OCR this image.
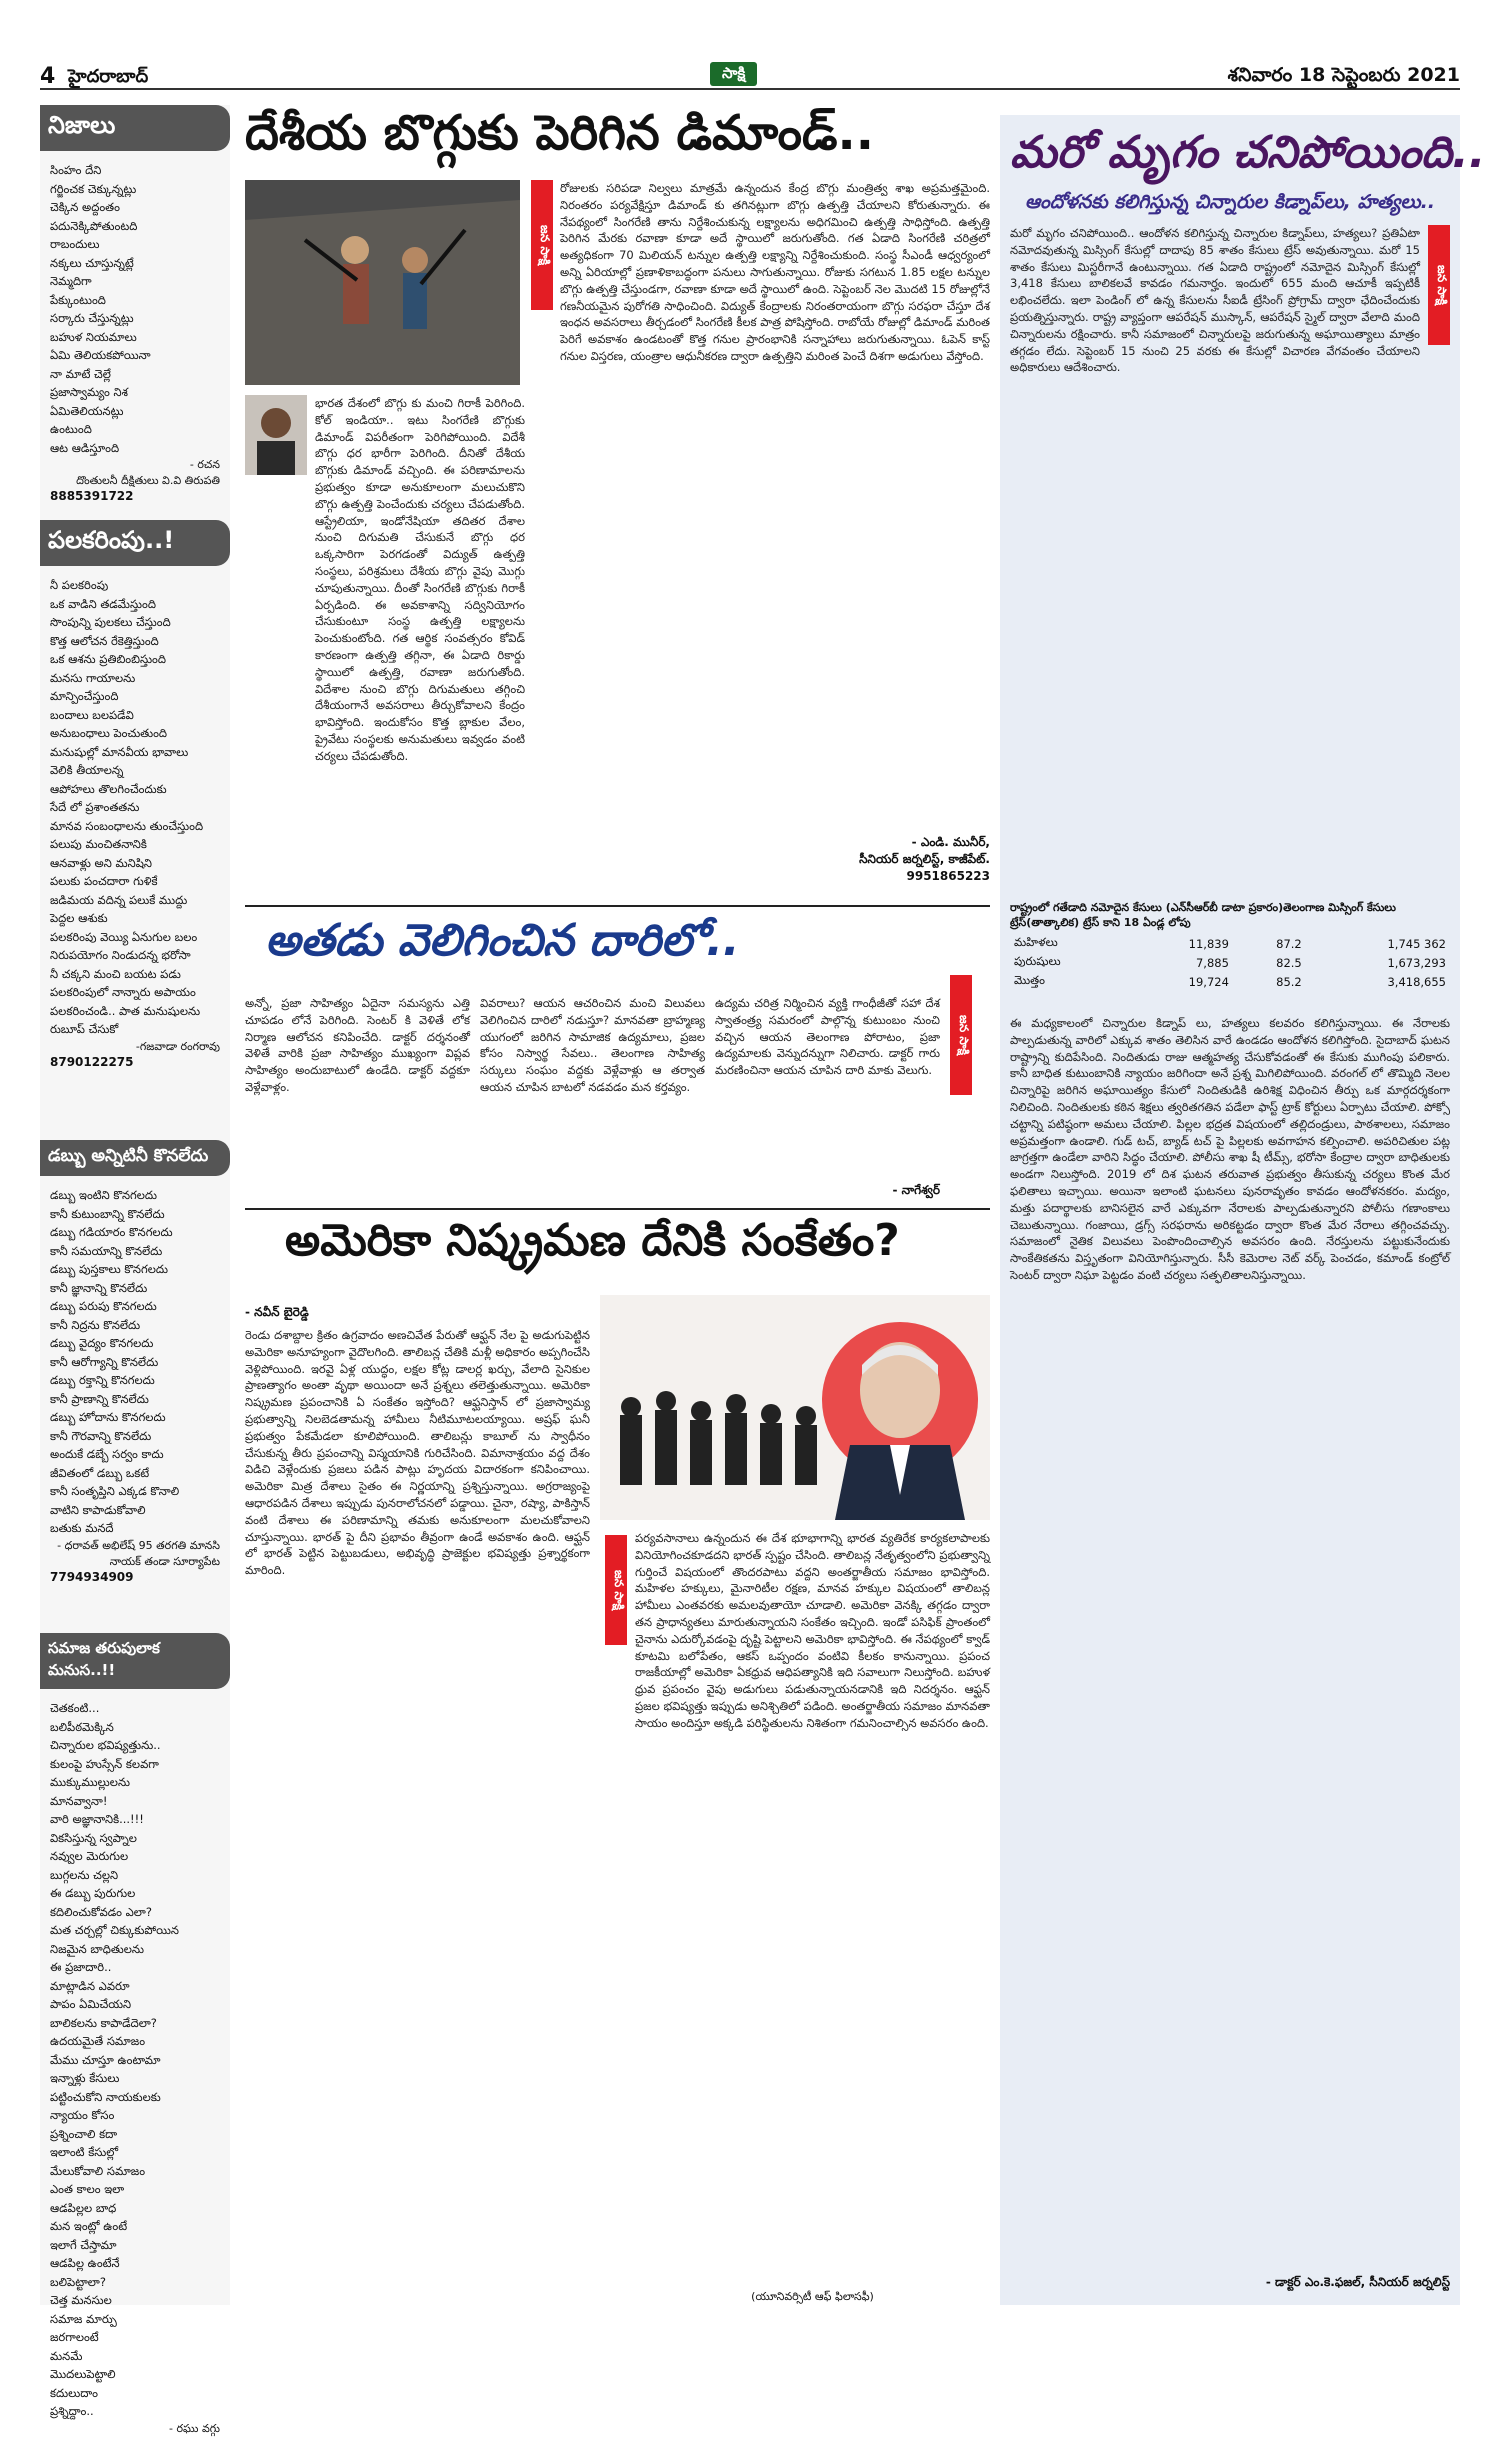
4 హైదరాబాద్	సాక్షి	శనివారం 18 సెప్టెంబరు 2021
నిజాలు
సింహం దేని
గర్జించక చెక్కున్నట్లు
చెక్కిన అద్దంతం
పదునెక్కిపోతుంటది
రాబందులు
నక్కలు చూస్తున్నట్లే
నెమ్మదిగా
పేక్కుంటుంది
సర్కారు చేస్తున్నట్లు
బహుళ నియమాలు
ఏమి తెలియకపోయినా
నా మాటే చెల్లే
ప్రజాస్వామ్యం నిశ
ఏమితెలియనట్లు
ఉంటుంది
ఆట ఆడిస్తూంది
- రచన
దొంతులనీ దీక్షితులు వి.వి తిరుపతి
8885391722
పలకరింపు..!
నీ పలకరింపు
ఒక వాడిని తడమేస్తుంది
సొంపున్ని పులకలు చేస్తుంది
కొత్త ఆలోచన రేకెత్తిస్తుంది
ఒక ఆశను ప్రతిబింబిస్తుంది
మనసు గాయాలను
మాన్పించేస్తుంది
బందాలు బలపడేవి
అనుబంధాలు పెంచుతుంది
మనుషుల్లో మానవీయ భావాలు
వెలికి తీయాలన్న
ఆపోహలు తొలగించేందుకు
సేదే లో ప్రశాంతతను
మానవ సంబంధాలను తుంచేస్తుంది
పలుపు మంచితనానికి
ఆనవాళ్లు అని మనిషిని
పలుకు పంచదారా గుళికే
జడిమయ వదిన్న పలుకే ముద్దు
పెద్దల ఆశుకు
పలకరింపు వెయ్యి ఏనుగుల బలం
నిరుపయోగం నిండుదన్న భరోసా
నీ చక్కని మంచి బయట పడు
పలకరింపులో నాన్నారు అపాయం
పలకరించండి.. పాత మనుషులను
రుబూప్ చేసుకో
-గజవాడా రంగరావు
8790122275
డబ్బు అన్నిటినీ కొనలేదు
డబ్బు ఇంటిని కొనగలదు
కానీ కుటుంబాన్ని కొనలేదు
డబ్బు గడియారం కొనగలదు
కానీ సమయాన్ని కొనలేదు
డబ్బు పుస్తకాలు కొనగలదు
కానీ జ్ఞానాన్ని కొనలేదు
డబ్బు పరుపు కొనగలదు
కానీ నిద్రను కొనలేదు
డబ్బు వైద్యం కొనగలదు
కానీ ఆరోగ్యాన్ని కొనలేదు
డబ్బు రక్తాన్ని కొనగలదు
కానీ ప్రాణాన్ని కొనలేదు
డబ్బు హోదాను కొనగలదు
కానీ గౌరవాన్ని కొనలేదు
అందుకే డబ్బే సర్వం కాదు
జీవితంలో డబ్బు ఒకటే
కానీ సంతృప్తిని ఎక్కడ కొనాలి
వాటిని కాపాడుకోవాలి
బతుకు మనదే
- ధరావత్ అభిలేష్ 95 తరగతి మానసి నాయక్ తండా సూర్యాపేట
7794934909
సమాజ తరుపులాక మనుస..!!
చెతకంటి...
బలిపీఠమెక్కిన
చిన్నారుల భవిష్యత్తును..
కులంపై హుస్సేన్ కలవగా
ముక్కుముల్లులను
మానవ్వానా!
వారి అజ్ఞానానికి...!!!
వికసిస్తున్న స్వప్నాల
నవ్వుల మెరుగుల
బుగ్గలను చల్లని
ఈ డబ్బు పురుగుల
కదిలించుకోవడం ఎలా?
మత చర్చల్లో చిక్కుకుపోయిన
నిజమైన బాధితులను
ఈ ప్రజాదారి..
మాట్లాడిన ఎవరూ
పాపం ఏమిచేయని
బాలికలను కాపాడేదెలా?
ఉదయమైతే సమాజం
మేము చూస్తూ ఉంటామా
ఇన్నాళ్లు కేసులు
పట్టించుకోని నాయకులకు
న్యాయం కోసం
ప్రశ్నించాలి కదా
ఇలాంటి కేసుల్లో
మేలుకోవాలి సమాజం
ఎంత కాలం ఇలా
ఆడపిల్లల బాధ
మన ఇంట్లో ఉంటే
ఇలాగే చేస్తామా
ఆడపిల్ల ఉంటేనే
బలిపెట్టాలా?
చెత్త మనసుల
సమాజ మార్పు
జరగాలంటే
మనమే
మొదలుపెట్టాలి
కదులుదాం
ప్రశ్నిద్దాం..
- రఘు వగ్గు
దేశీయ బొగ్గుకు పెరిగిన డిమాండ్..
భారత దేశంలో బొగ్గు కు మంచి గిరాకీ పెరిగింది. కోల్ ఇండియా.. ఇటు సింగరేణి బొగ్గుకు డిమాండ్ విపరీతంగా పెరిగిపోయింది. విదేశీ బొగ్గు ధర భారీగా పెరిగింది. దీనితో దేశీయ బొగ్గుకు డిమాండ్ వచ్చింది. ఈ పరిణామాలను ప్రభుత్వం కూడా అనుకూలంగా మలుచుకొని బొగ్గు ఉత్పత్తి పెంచేందుకు చర్యలు చేపడుతోంది. ఆస్ట్రేలియా, ఇండోనేషియా తదితర దేశాల నుంచి దిగుమతి చేసుకునే బొగ్గు ధర ఒక్కసారిగా పెరగడంతో విద్యుత్ ఉత్పత్తి సంస్థలు, పరిశ్రమలు దేశీయ బొగ్గు వైపు మొగ్గు చూపుతున్నాయి. దీంతో సింగరేణి బొగ్గుకు గిరాకీ ఏర్పడింది. ఈ అవకాశాన్ని సద్వినియోగం చేసుకుంటూ సంస్థ ఉత్పత్తి లక్ష్యాలను పెంచుకుంటోంది. గత ఆర్థిక సంవత్సరం కోవిడ్ కారణంగా ఉత్పత్తి తగ్గినా, ఈ ఏడాది రికార్డు స్థాయిలో ఉత్పత్తి, రవాణా జరుగుతోంది. విదేశాల నుంచి బొగ్గు దిగుమతులు తగ్గించి దేశీయంగానే అవసరాలు తీర్చుకోవాలని కేంద్రం భావిస్తోంది. ఇందుకోసం కొత్త బ్లాకుల వేలం, ప్రైవేటు సంస్థలకు అనుమతులు ఇవ్వడం వంటి చర్యలు చేపడుతోంది.
జన సాక్షి
రోజులకు సరిపడా నిల్వలు మాత్రమే ఉన్నందున కేంద్ర బొగ్గు మంత్రిత్వ శాఖ అప్రమత్తమైంది. నిరంతరం పర్యవేక్షిస్తూ డిమాండ్ కు తగినట్లుగా బొగ్గు ఉత్పత్తి చేయాలని కోరుతున్నారు. ఈ నేపథ్యంలో సింగరేణి తాను నిర్దేశించుకున్న లక్ష్యాలను అధిగమించి ఉత్పత్తి సాధిస్తోంది. ఉత్పత్తి పెరిగిన మేరకు రవాణా కూడా అదే స్థాయిలో జరుగుతోంది. గత ఏడాది సింగరేణి చరిత్రలో అత్యధికంగా 70 మిలియన్ టన్నుల ఉత్పత్తి లక్ష్యాన్ని నిర్దేశించుకుంది. సంస్థ సీఎండీ ఆధ్వర్యంలో అన్ని ఏరియాల్లో ప్రణాళికాబద్ధంగా పనులు సాగుతున్నాయి. రోజుకు సగటున 1.85 లక్షల టన్నుల బొగ్గు ఉత్పత్తి చేస్తుండగా, రవాణా కూడా అదే స్థాయిలో ఉంది. సెప్టెంబర్ నెల మొదటి 15 రోజుల్లోనే గణనీయమైన పురోగతి సాధించింది. విద్యుత్ కేంద్రాలకు నిరంతరాయంగా బొగ్గు సరఫరా చేస్తూ దేశ ఇంధన అవసరాలు తీర్చడంలో సింగరేణి కీలక పాత్ర పోషిస్తోంది. రాబోయే రోజుల్లో డిమాండ్ మరింత పెరిగే అవకాశం ఉండటంతో కొత్త గనుల ప్రారంభానికి సన్నాహాలు జరుగుతున్నాయి. ఓపెన్ కాస్ట్ గనుల విస్తరణ, యంత్రాల ఆధునీకరణ ద్వారా ఉత్పత్తిని మరింత పెంచే దిశగా అడుగులు వేస్తోంది.
- ఎండి. మునీర్,
సీనియర్ జర్నలిస్ట్, కాజీపేట్.
9951865223
అతడు వెలిగించిన దారిలో..
అన్నో, ప్రజా సాహిత్యం ఏదైనా సమస్యను ఎత్తి చూపడం లోనే పెరిగింది. సెంటర్ కి వెళితే లోక నిర్మాణ ఆలోచన కనిపించేది. డాక్టర్ దర్శనంతో వెళితే వారికి ప్రజా సాహిత్యం ముఖ్యంగా విప్లవ సాహిత్యం అందుబాటులో ఉండేది. డాక్టర్ వద్దకూ వెళ్లేవాళ్లం.
వివరాలు? ఆయన ఆచరించిన మంచి విలువలు వెలిగించిన దారిలో నడుస్తూ? మానవతా బ్రాహ్మణ్య యుగంలో జరిగిన సామాజిక ఉద్యమాలు, ప్రజల కోసం నిస్వార్థ సేవలు.. తెలంగాణ సాహిత్య సర్కులు సంఘం వద్దకు వెళ్లేవాళ్లు ఆ తర్వాత ఆయన చూపిన బాటలో నడవడం మన కర్తవ్యం.
ఉద్యమ చరిత్ర నిర్మించిన వ్యక్తి గాంధీజీతో సహా దేశ స్వాతంత్ర్య సమరంలో పాల్గొన్న కుటుంబం నుంచి వచ్చిన ఆయన తెలంగాణ పోరాటం, ప్రజా ఉద్యమాలకు వెన్నుదన్నుగా నిలిచారు. డాక్టర్ గారు మరణించినా ఆయన చూపిన దారి మాకు వెలుగు.
- నాగేశ్వర్
జన సాక్షి
అమెరికా నిష్క్రమణ దేనికి సంకేతం?
- నవీన్ బైరెడ్డి
రెండు దశాబ్దాల క్రితం ఉగ్రవాదం అణచివేత పేరుతో ఆఫ్ఘన్ నేల పై అడుగుపెట్టిన అమెరికా అనూహ్యంగా వైదొలగింది. తాలిబన్ల చేతికి మళ్లీ అధికారం అప్పగించేసి వెళ్లిపోయింది. ఇరవై ఏళ్ల యుద్ధం, లక్షల కోట్ల డాలర్ల ఖర్చు, వేలాది సైనికుల ప్రాణత్యాగం అంతా వృథా అయిందా అనే ప్రశ్నలు తలెత్తుతున్నాయి. అమెరికా నిష్క్రమణ ప్రపంచానికి ఏ సంకేతం ఇస్తోంది? ఆఫ్ఘనిస్తాన్ లో ప్రజాస్వామ్య ప్రభుత్వాన్ని నిలబెడతామన్న హామీలు నీటిమూటలయ్యాయి. అష్రఫ్ ఘనీ ప్రభుత్వం పేకమేడలా కూలిపోయింది. తాలిబన్లు కాబూల్ ను స్వాధీనం చేసుకున్న తీరు ప్రపంచాన్ని విస్మయానికి గురిచేసింది. విమానాశ్రయం వద్ద దేశం విడిచి వెళ్లేందుకు ప్రజలు పడిన పాట్లు హృదయ విదారకంగా కనిపించాయి. అమెరికా మిత్ర దేశాలు సైతం ఈ నిర్ణయాన్ని ప్రశ్నిస్తున్నాయి. అగ్రరాజ్యంపై ఆధారపడిన దేశాలు ఇప్పుడు పునరాలోచనలో పడ్డాయి. చైనా, రష్యా, పాకిస్తాన్ వంటి దేశాలు ఈ పరిణామాన్ని తమకు అనుకూలంగా మలచుకోవాలని చూస్తున్నాయి. భారత్ పై దీని ప్రభావం తీవ్రంగా ఉండే అవకాశం ఉంది. ఆఫ్ఘన్ లో భారత్ పెట్టిన పెట్టుబడులు, అభివృద్ధి ప్రాజెక్టుల భవిష్యత్తు ప్రశ్నార్థకంగా మారింది.	జన సాక్షి
పర్యవసానాలు ఉన్నందున ఈ దేశ భూభాగాన్ని భారత వ్యతిరేక కార్యకలాపాలకు వినియోగించకూడదని భారత్ స్పష్టం చేసింది. తాలిబన్ల నేతృత్వంలోని ప్రభుత్వాన్ని గుర్తించే విషయంలో తొందరపాటు వద్దని అంతర్జాతీయ సమాజం భావిస్తోంది. మహిళల హక్కులు, మైనారిటీల రక్షణ, మానవ హక్కుల విషయంలో తాలిబన్ల హామీలు ఎంతవరకు అమలవుతాయో చూడాలి. అమెరికా వెనక్కి తగ్గడం ద్వారా తన ప్రాధాన్యతలు మారుతున్నాయని సంకేతం ఇచ్చింది. ఇండో పసిఫిక్ ప్రాంతంలో చైనాను ఎదుర్కోవడంపై దృష్టి పెట్టాలని అమెరికా భావిస్తోంది. ఈ నేపథ్యంలో క్వాడ్ కూటమి బలోపేతం, ఆకస్ ఒప్పందం వంటివి కీలకం కానున్నాయి. ప్రపంచ రాజకీయాల్లో అమెరికా ఏకధ్రువ ఆధిపత్యానికి ఇది సవాలుగా నిలుస్తోంది. బహుళ ధ్రువ ప్రపంచం వైపు అడుగులు పడుతున్నాయనడానికి ఇది నిదర్శనం. ఆఫ్ఘన్ ప్రజల భవిష్యత్తు ఇప్పుడు అనిశ్చితిలో పడింది. అంతర్జాతీయ సమాజం మానవతా సాయం అందిస్తూ అక్కడి పరిస్థితులను నిశితంగా గమనించాల్సిన అవసరం ఉంది.
(యూనివర్సిటీ ఆఫ్ ఫిలాసఫీ)
మరో మృగం చనిపోయింది..
ఆందోళనకు కలిగిస్తున్న చిన్నారుల కిడ్నాప్‌లు, హత్యలు..
జన సాక్షి
మరో మృగం చనిపోయింది.. ఆందోళన కలిగిస్తున్న చిన్నారుల కిడ్నాప్‌లు, హత్యలు? ప్రతిఏటా నమోదవుతున్న మిస్సింగ్ కేసుల్లో దాదాపు 85 శాతం కేసులు ట్రేస్ అవుతున్నాయి. మరో 15 శాతం కేసులు మిస్టరీగానే ఉంటున్నాయి. గత ఏడాది రాష్ట్రంలో నమోదైన మిస్సింగ్ కేసుల్లో 3,418 కేసులు బాలికలవే కావడం గమనార్హం. ఇందులో 655 మంది ఆచూకీ ఇప్పటికీ లభించలేదు. ఇలా పెండింగ్ లో ఉన్న కేసులను సీఐడీ ట్రేసింగ్ ప్రోగ్రామ్ ద్వారా ఛేదించేందుకు ప్రయత్నిస్తున్నారు. రాష్ట్ర వ్యాప్తంగా ఆపరేషన్ ముస్కాన్, ఆపరేషన్ స్మైల్ ద్వారా వేలాది మంది చిన్నారులను రక్షించారు. కానీ సమాజంలో చిన్నారులపై జరుగుతున్న అఘాయిత్యాలు మాత్రం తగ్గడం లేదు. సెప్టెంబర్ 15 నుంచి 25 వరకు ఈ కేసుల్లో విచారణ వేగవంతం చేయాలని అధికారులు ఆదేశించారు.
రాష్ట్రంలో గతేడాది నమోదైన కేసులు (ఎన్‌సీఆర్‌బీ డాటా ప్రకారం)తెలంగాణ మిస్సింగ్ కేసులు ట్రేస్(తాత్కాలిక) ట్రేస్ కాని 18 ఏండ్ల లోపు
మహిళలు	11,839	87.2	1,745 362
పురుషులు	7,885	82.5	1,673,293
మొత్తం	19,724	85.2	3,418,655
ఈ మధ్యకాలంలో చిన్నారుల కిడ్నాప్ లు, హత్యలు కలవరం కలిగిస్తున్నాయి. ఈ నేరాలకు పాల్పడుతున్న వారిలో ఎక్కువ శాతం తెలిసిన వారే ఉండడం ఆందోళన కలిగిస్తోంది. సైదాబాద్ ఘటన రాష్ట్రాన్ని కుదిపేసింది. నిందితుడు రాజు ఆత్మహత్య చేసుకోవడంతో ఈ కేసుకు ముగింపు పలికారు. కానీ బాధిత కుటుంబానికి న్యాయం జరిగిందా అనే ప్రశ్న మిగిలిపోయింది. వరంగల్ లో తొమ్మిది నెలల చిన్నారిపై జరిగిన అఘాయిత్యం కేసులో నిందితుడికి ఉరిశిక్ష విధించిన తీర్పు ఒక మార్గదర్శకంగా నిలిచింది. నిందితులకు కఠిన శిక్షలు త్వరితగతిన పడేలా ఫాస్ట్ ట్రాక్ కోర్టులు ఏర్పాటు చేయాలి. పోక్సో చట్టాన్ని పటిష్ఠంగా అమలు చేయాలి. పిల్లల భద్రత విషయంలో తల్లిదండ్రులు, పాఠశాలలు, సమాజం అప్రమత్తంగా ఉండాలి. గుడ్ టచ్, బ్యాడ్ టచ్ పై పిల్లలకు అవగాహన కల్పించాలి. అపరిచితుల పట్ల జాగ్రత్తగా ఉండేలా వారిని సిద్ధం చేయాలి. పోలీసు శాఖ షీ టీమ్స్, భరోసా కేంద్రాల ద్వారా బాధితులకు అండగా నిలుస్తోంది. 2019 లో దిశ ఘటన తరువాత ప్రభుత్వం తీసుకున్న చర్యలు కొంత మేర ఫలితాలు ఇచ్చాయి. అయినా ఇలాంటి ఘటనలు పునరావృతం కావడం ఆందోళనకరం. మద్యం, మత్తు పదార్థాలకు బానిసలైన వారే ఎక్కువగా నేరాలకు పాల్పడుతున్నారని పోలీసు గణాంకాలు చెబుతున్నాయి. గంజాయి, డ్రగ్స్ సరఫరాను అరికట్టడం ద్వారా కొంత మేర నేరాలు తగ్గించవచ్చు. సమాజంలో నైతిక విలువలు పెంపొందించాల్సిన అవసరం ఉంది. నేరస్తులను పట్టుకునేందుకు సాంకేతికతను విస్తృతంగా వినియోగిస్తున్నారు. సీసీ కెమెరాల నెట్ వర్క్ పెంచడం, కమాండ్ కంట్రోల్ సెంటర్ ద్వారా నిఘా పెట్టడం వంటి చర్యలు సత్ఫలితాలనిస్తున్నాయి.
- డాక్టర్ ఎం.కె.ఫజల్, సీనియర్ జర్నలిస్ట్
